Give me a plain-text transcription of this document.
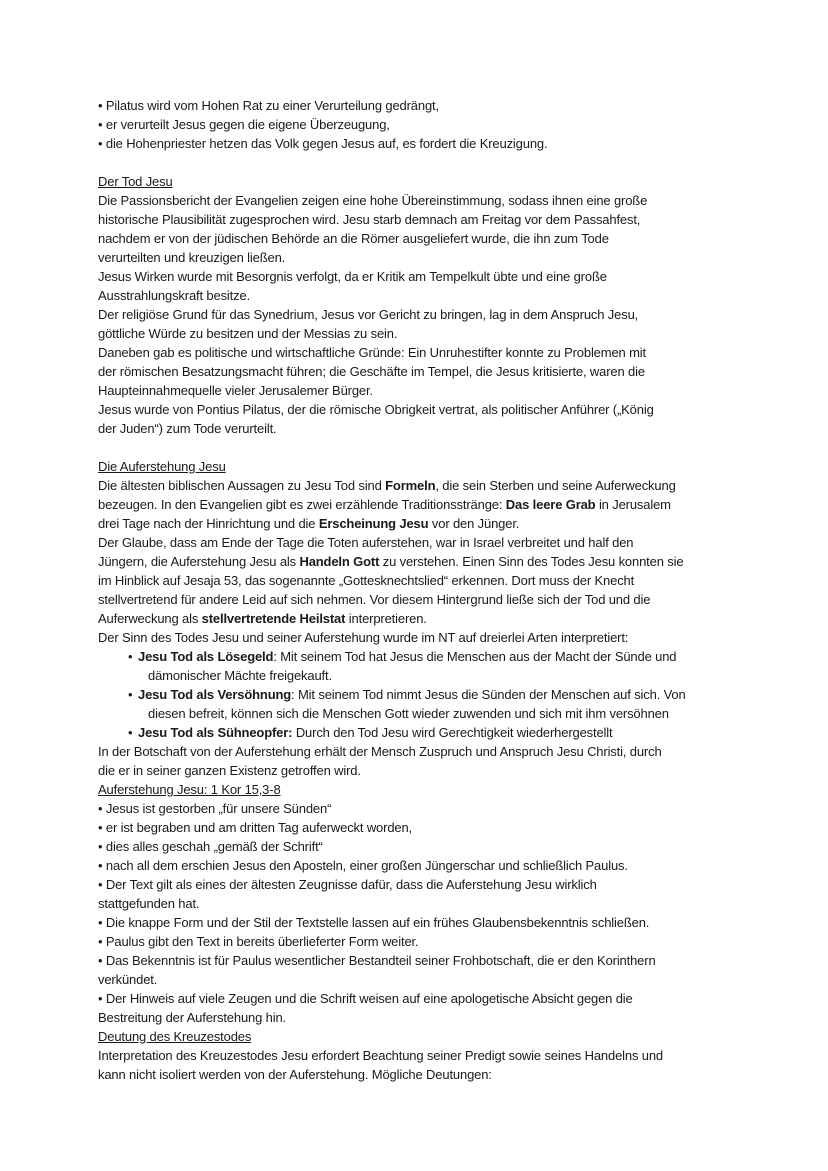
• Pilatus wird vom Hohen Rat zu einer Verurteilung gedrängt,
• er verurteilt Jesus gegen die eigene Überzeugung,
• die Hohenpriester hetzen das Volk gegen Jesus auf, es fordert die Kreuzigung.
Der Tod Jesu
Die Passionsbericht der Evangelien zeigen eine hohe Übereinstimmung, sodass ihnen eine große
historische Plausibilität zugesprochen wird. Jesu starb demnach am Freitag vor dem Passahfest,
nachdem er von der jüdischen Behörde an die Römer ausgeliefert wurde, die ihn zum Tode
verurteilten und kreuzigen ließen.
Jesus Wirken wurde mit Besorgnis verfolgt, da er Kritik am Tempelkult übte und eine große
Ausstrahlungskraft besitze.
Der religiöse Grund für das Synedrium, Jesus vor Gericht zu bringen, lag in dem Anspruch Jesu,
göttliche Würde zu besitzen und der Messias zu sein.
Daneben gab es politische und wirtschaftliche Gründe: Ein Unruhestifter konnte zu Problemen mit
der römischen Besatzungsmacht führen; die Geschäfte im Tempel, die Jesus kritisierte, waren die
Haupteinnahmequelle vieler Jerusalemer Bürger.
Jesus wurde von Pontius Pilatus, der die römische Obrigkeit vertrat, als politischer Anführer („König
der Juden“) zum Tode verurteilt.
Die Auferstehung Jesu
Die ältesten biblischen Aussagen zu Jesu Tod sind Formeln, die sein Sterben und seine Auferweckung
bezeugen. In den Evangelien gibt es zwei erzählende Traditionsstränge: Das leere Grab in Jerusalem
drei Tage nach der Hinrichtung und die Erscheinung Jesu vor den Jünger.
Der Glaube, dass am Ende der Tage die Toten auferstehen, war in Israel verbreitet und half den
Jüngern, die Auferstehung Jesu als Handeln Gott zu verstehen. Einen Sinn des Todes Jesu konnten sie
im Hinblick auf Jesaja 53, das sogenannte „Gottesknechtslied“ erkennen. Dort muss der Knecht
stellvertretend für andere Leid auf sich nehmen. Vor diesem Hintergrund ließe sich der Tod und die
Auferweckung als stellvertretende Heilstat interpretieren.
Der Sinn des Todes Jesu und seiner Auferstehung wurde im NT auf dreierlei Arten interpretiert:
• Jesu Tod als Lösegeld: Mit seinem Tod hat Jesus die Menschen aus der Macht der Sünde und
dämonischer Mächte freigekauft.
• Jesu Tod als Versöhnung: Mit seinem Tod nimmt Jesus die Sünden der Menschen auf sich. Von
diesen befreit, können sich die Menschen Gott wieder zuwenden und sich mit ihm versöhnen
• Jesu Tod als Sühneopfer: Durch den Tod Jesu wird Gerechtigkeit wiederhergestellt
In der Botschaft von der Auferstehung erhält der Mensch Zuspruch und Anspruch Jesu Christi, durch
die er in seiner ganzen Existenz getroffen wird.
Auferstehung Jesu: 1 Kor 15,3-8
• Jesus ist gestorben „für unsere Sünden“
• er ist begraben und am dritten Tag auferweckt worden,
• dies alles geschah „gemäß der Schrift“
• nach all dem erschien Jesus den Aposteln, einer großen Jüngerschar und schließlich Paulus.
• Der Text gilt als eines der ältesten Zeugnisse dafür, dass die Auferstehung Jesu wirklich
stattgefunden hat.
• Die knappe Form und der Stil der Textstelle lassen auf ein frühes Glaubensbekenntnis schließen.
• Paulus gibt den Text in bereits überlieferter Form weiter.
• Das Bekenntnis ist für Paulus wesentlicher Bestandteil seiner Frohbotschaft, die er den Korinthern
verkündet.
• Der Hinweis auf viele Zeugen und die Schrift weisen auf eine apologetische Absicht gegen die
Bestreitung der Auferstehung hin.
Deutung des Kreuzestodes
Interpretation des Kreuzestodes Jesu erfordert Beachtung seiner Predigt sowie seines Handelns und
kann nicht isoliert werden von der Auferstehung. Mögliche Deutungen:
